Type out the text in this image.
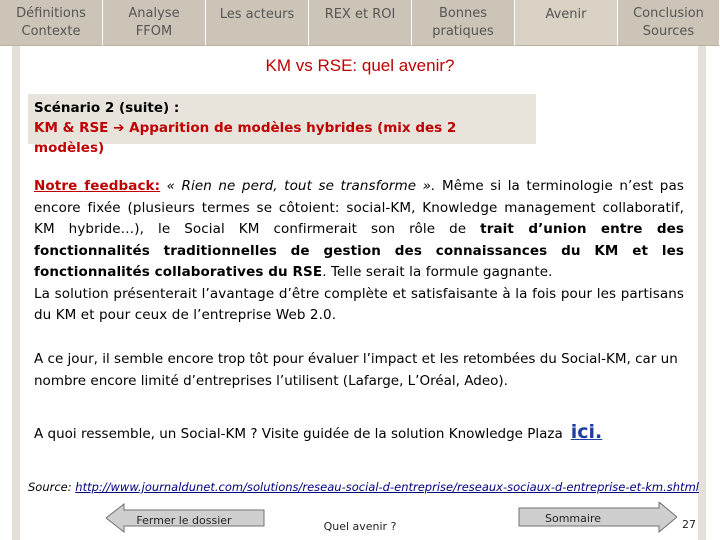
Définitions
Contexte
Analyse
FFOM
Les acteurs	REX et ROI	Bonnes
pratiques
Avenir	Conclusion
Sources
KM vs RSE: quel avenir?
Scénario 2 (suite) :
KM & RSE ➔ Apparition de modèles hybrides (mix des 2 modèles)
Notre feedback: « Rien ne perd, tout se transforme ». Même si la terminologie n’est pas encore fixée (plusieurs termes se côtoient: social-KM, Knowledge management collaboratif, KM hybride…), le Social KM confirmerait son rôle de trait d’union entre des fonctionnalités traditionnelles de gestion des connaissances du KM et les fonctionnalités collaboratives du RSE. Telle serait la formule gagnante.
La solution présenterait l’avantage d’être complète et satisfaisante à la fois pour les partisans du KM et pour ceux de l’entreprise Web 2.0.
A ce jour, il semble encore trop tôt pour évaluer l’impact et les retombées du Social-KM, car un nombre encore limité d’entreprises l’utilisent (Lafarge, L’Oréal, Adeo).
A quoi ressemble, un Social-KM ? Visite guidée de la solution Knowledge Plaza ici.
Source: http://www.journaldunet.com/solutions/reseau-social-d-entreprise/reseaux-sociaux-d-entreprise-et-km.shtml
Fermer le dossier	Quel avenir ?
Sommaire	27
